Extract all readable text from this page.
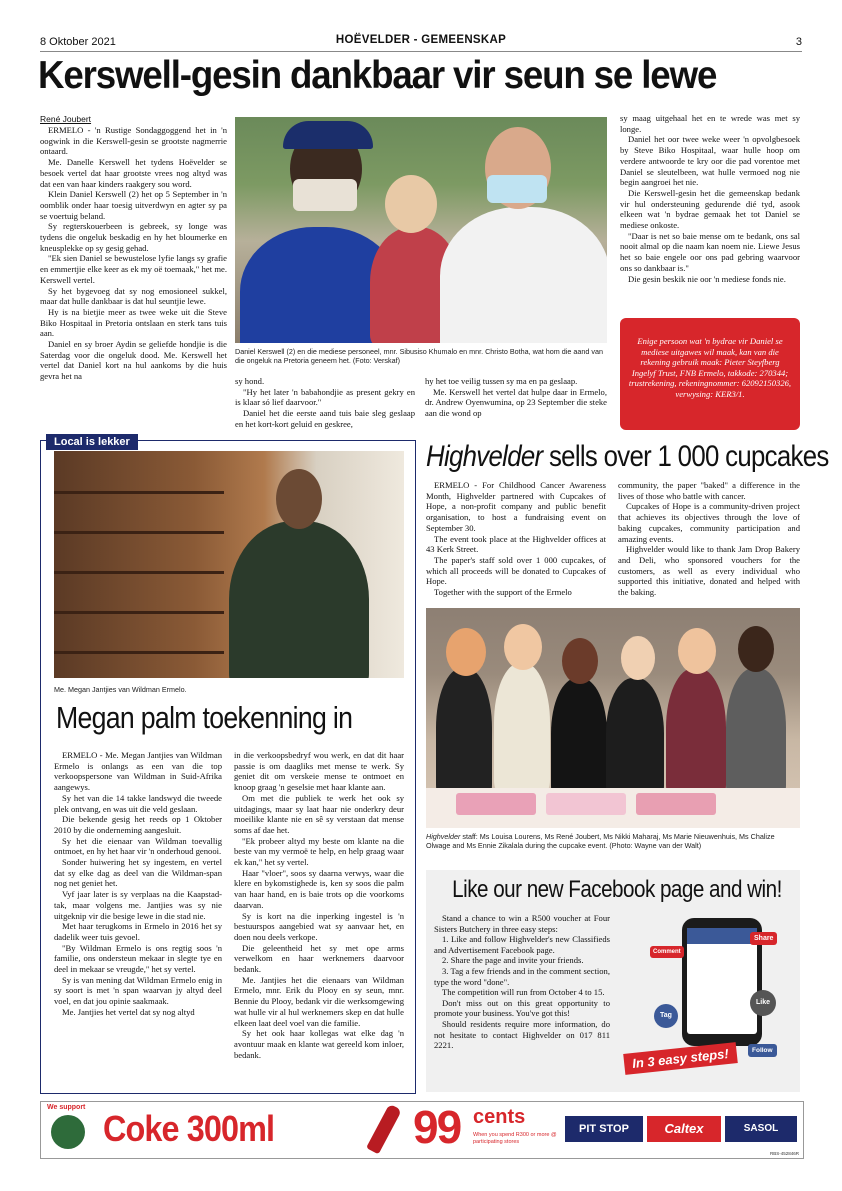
8 Oktober 2021	HOËVELDER - GEMEENSKAP	3
Kerswell-gesin dankbaar vir seun se lewe
René Joubert

ERMELO - 'n Rustige Sondaggoggend het in 'n oogwink in die Kerswell-gesin se grootste nagmerrie ontaard.

Me. Danelle Kerswell het tydens Hoëvelder se besoek vertel dat haar grootste vrees nog altyd was dat een van haar kinders raakgery sou word.

Klein Daniel Kerswell (2) het op 5 September in 'n oomblik onder haar toesig uitverdwyn en agter sy pa se voertuig beland.

Sy regterskouerbeen is gebreek, sy longe was tydens die ongeluk beskadig en hy het bloumerke en kneusplekke op sy gesig gehad.

"Ek sien Daniel se bewustelose lyfie langs sy grafie en emmertjie elke keer as ek my oë toemaak," het me. Kerswell vertel.

Sy het bygevoeg dat sy nog emosioneel sukkel, maar dat hulle dankbaar is dat hul seuntjie lewe.

Hy is na bietjie meer as twee weke uit die Steve Biko Hospitaal in Pretoria ontslaan en sterk tans tuis aan.

Daniel en sy broer Aydin se geliefde hondjie is die Saterdag voor die ongeluk dood. Me. Kerswell het vertel dat Daniel kort na hul aankoms by die huis gevra het na

Daniel Kerswell (2) en die mediese personeel, mnr. Sibusiso Khumalo en mnr. Christo Botha, wat hom die aand van die ongeluk na Pretoria geneem het. (Foto: Verskaf)

sy hond.

"Hy het later 'n babahondjie as present gekry en is klaar só lief daarvoor."

Daniel het die eerste aand tuis baie sleg geslaap en het kort-kort geluid en geskree,

hy het toe veilig tussen sy ma en pa geslaap.

Me. Kerswell het vertel dat hulpe daar in Ermelo, dr. Andrew Oyenwumina, op 23 September die steke aan die wond op

sy maag uitgehaal het en te wrede was met sy longe.

Daniel het oor twee weke weer 'n opvolgbesoek by Steve Biko Hospitaal, waar hulle hoop om verdere antwoorde te kry oor die pad vorentoe met Daniel se sleutelbeen, wat hulle vermoed nog nie begin aangroei het nie.

Die Kerswell-gesin het die gemeenskap bedank vir hul ondersteuning gedurende dié tyd, asook elkeen wat 'n bydrae gemaak het tot Daniel se mediese onkoste.

"Daar is net so baie mense om te bedank, ons sal nooit almal op die naam kan noem nie. Liewe Jesus het so baie engele oor ons pad gebring waarvoor ons so dankbaar is."

Die gesin beskik nie oor 'n mediese fonds nie.

Enige persoon wat 'n bydrae vir Daniel se mediese uitgawes wil maak, kan van die rekening gebruik maak: Pieter Steyfberg Ingelyf Trust, FNB Ermelo, takkode: 270344; trustrekening, rekeningnommer: 62092150326, verwysing: KER3/1.
Local is lekker
Me. Megan Jantjies van Wildman Ermelo.
Megan palm toekenning in

ERMELO - Me. Megan Jantjies van Wildman Ermelo is onlangs as een van die top verkoopspersone van Wildman in Suid-Afrika aangewys.

Sy het van die 14 takke landswyd die tweede plek ontvang, en was uit die veld geslaan.

Die bekende gesig het reeds op 1 Oktober 2010 by die onderneming aangesluit.

Sy het die eienaar van Wildman toevallig ontmoet, en hy het haar vir 'n onderhoud genooi.

Sonder huiwering het sy ingestem, en vertel dat sy elke dag as deel van die Wildman-span nog net geniet het.

Vyf jaar later is sy verplaas na die Kaapstad-tak, maar volgens me. Jantjies was sy nie uitgeknip vir die besige lewe in die stad nie.

Met haar terugkoms in Ermelo in 2016 het sy dadelik weer tuis gevoel.

"By Wildman Ermelo is ons regtig soos 'n familie, ons ondersteun mekaar in slegte tye en deel in mekaar se vreugde," het sy vertel.

Sy is van mening dat Wildman Ermelo enig in sy soort is met 'n span waarvan jy altyd deel voel, en dat jou opinie saakmaak.

Me. Jantjies het vertel dat sy nog altyd

in die verkoopsbedryf wou werk, en dat dit haar passie is om daagliks met mense te werk. Sy geniet dit om verskeie mense te ontmoet en knoop graag 'n geselsie met haar klante aan.

Om met die publiek te werk het ook sy uitdagings, maar sy laat haar nie onderkry deur moeilike klante nie en sê sy verstaan dat mense soms af dae het.

"Ek probeer altyd my beste om klante na die beste van my vermoë te help, en help graag waar ek kan," het sy vertel.

Haar "vloer", soos sy daarna verwys, waar die klere en bykomstighede is, ken sy soos die palm van haar hand, en is baie trots op die voorkoms daarvan.

Sy is kort na die inperking ingestel is 'n bestuurspos aangebied wat sy aanvaar het, en doen nou deels verkope.

Die geleentheid het sy met ope arms verwelkom en haar werknemers daarvoor bedank.

Me. Jantjies het die eienaars van Wildman Ermelo, mnr. Erik du Plooy en sy seun, mnr. Bennie du Plooy, bedank vir die werksomgewing wat hulle vir al hul werknemers skep en dat hulle elkeen laat deel voel van die familie.

Sy het ook haar kollegas wat elke dag 'n avontuur maak en klante wat gereeld kom inloer, bedank.

Highvelder sells over 1 000 cupcakes

ERMELO - For Childhood Cancer Awareness Month, Highvelder partnered with Cupcakes of Hope, a non-profit company and public benefit organisation, to host a fundraising event on September 30.

The event took place at the Highvelder offices at 43 Kerk Street.

The paper's staff sold over 1 000 cupcakes, of which all proceeds will be donated to Cupcakes of Hope.

Together with the support of the Ermelo

community, the paper "baked" a difference in the lives of those who battle with cancer.

Cupcakes of Hope is a community-driven project that achieves its objectives through the love of baking cupcakes, community participation and amazing events.

Highvelder would like to thank Jam Drop Bakery and Deli, who sponsored vouchers for the customers, as well as every individual who supported this initiative, donated and helped with the baking.

Highvelder staff: Ms Louisa Lourens, Ms René Joubert, Ms Nikki Maharaj, Ms Marie Nieuwenhuis, Ms Chalize Olwage and Ms Ennie Zikalala during the cupcake event. (Photo: Wayne van der Walt)
Like our new Facebook page and win!

Stand a chance to win a R500 voucher at Four Sisters Butchery in three easy steps:

1. Like and follow Highvelder's new Classifieds and Advertisement Facebook page.

2. Share the page and invite your friends.

3. Tag a few friends and in the comment section, type the word "done".

The competition will run from October 4 to 15.

Don't miss out on this great opportunity to promote your business. You've got this!

Should residents require more information, do not hesitate to contact Highvelder on 017 811 2221.

Share
Comment
Like
Tag
Follow
In 3 easy steps!
We support
Coke 300ml	99 cents
When you spend R300 or more @ participating stores
PIT STOP	Caltex	SASOL
RBS-452846R
